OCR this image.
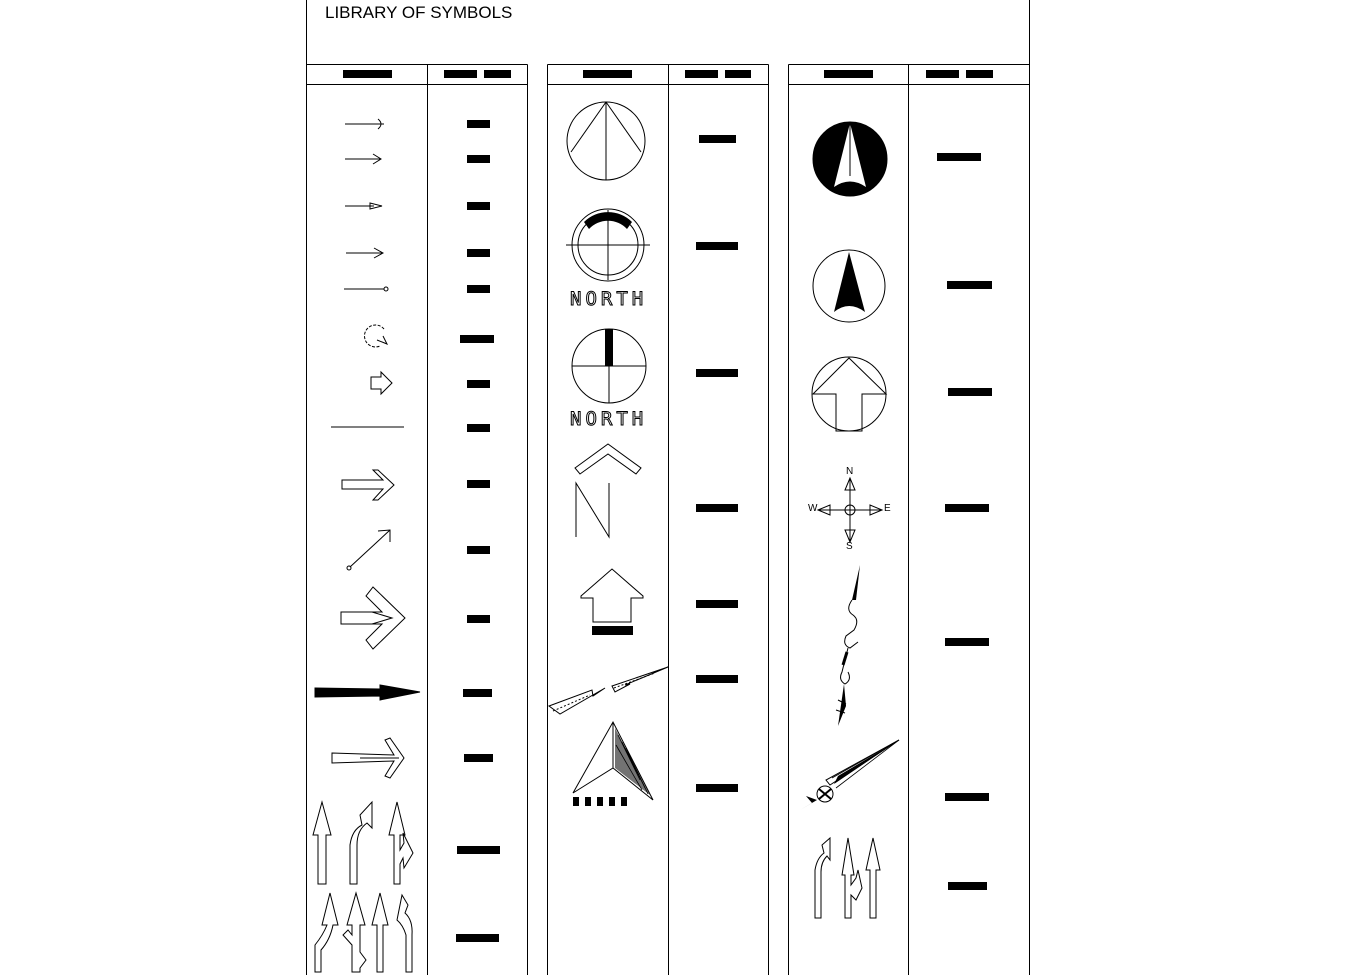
LIBRARY OF SYMBOLS
NORTH
NORTH
N
S
E
W
